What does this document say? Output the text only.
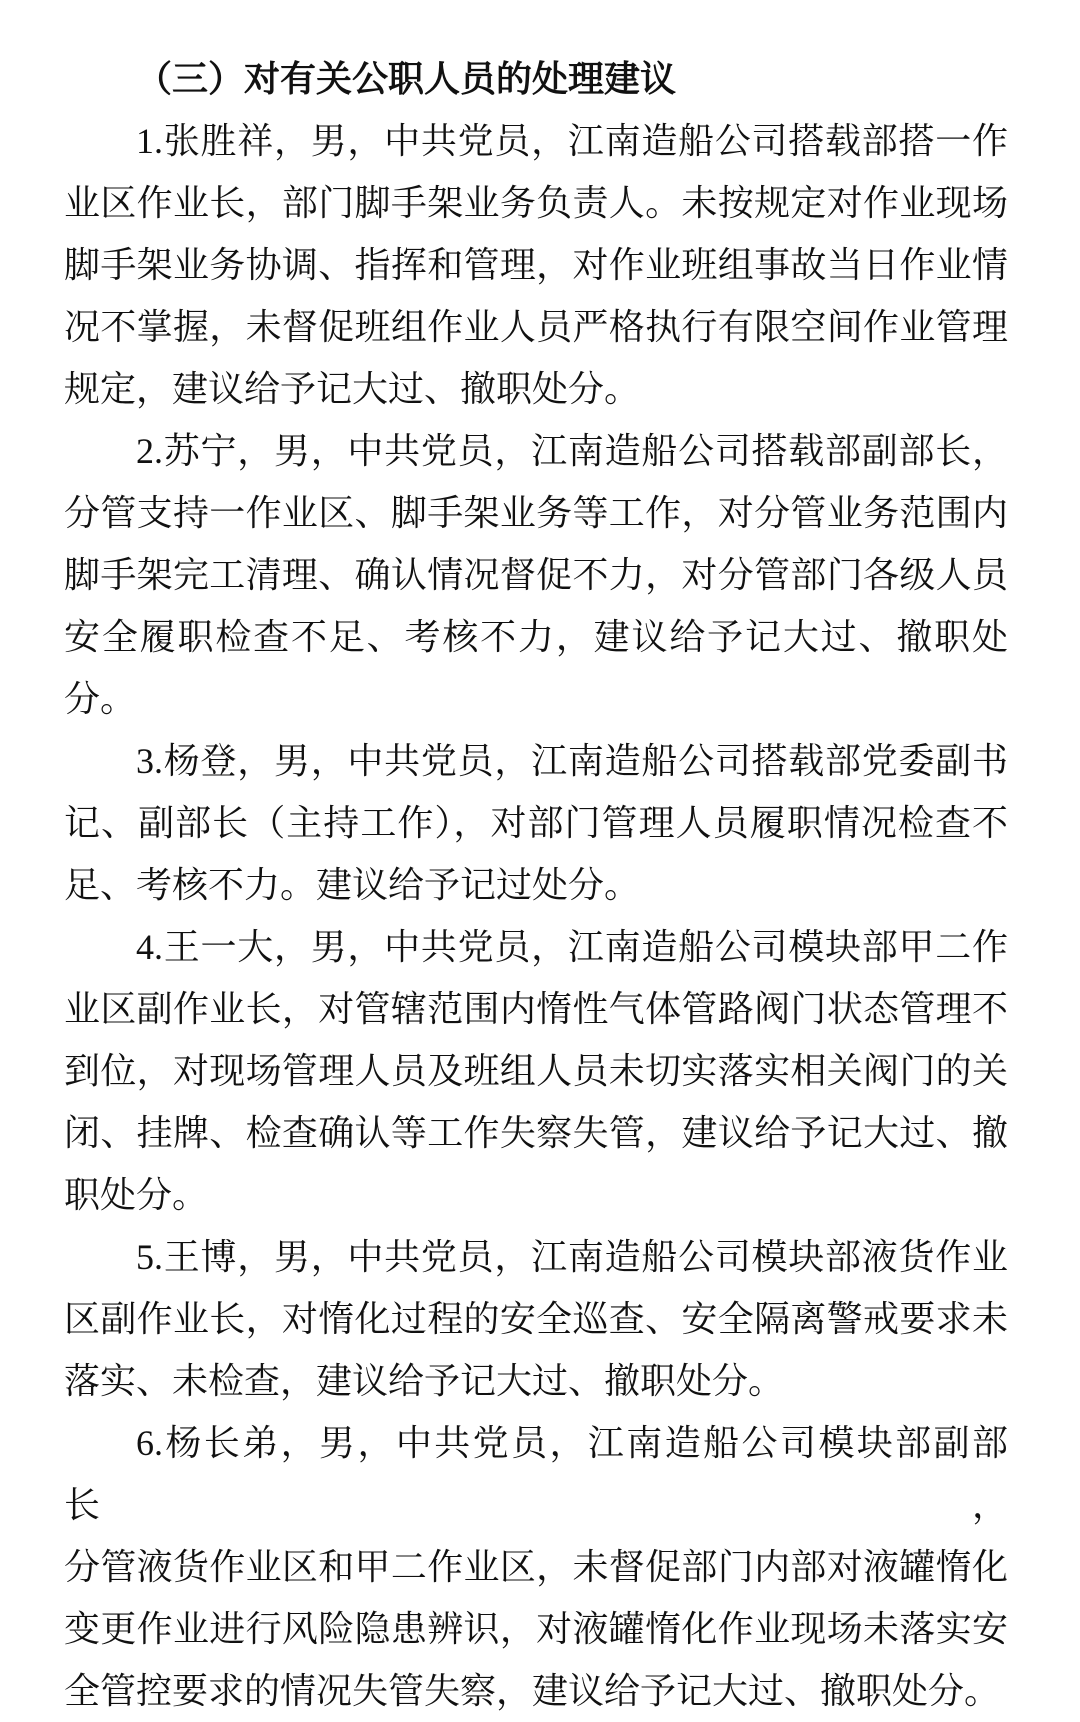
（三）对有关公职人员的处理建议
1.张胜祥，男，中共党员，江南造船公司搭载部搭一作
业区作业长，部门脚手架业务负责人。未按规定对作业现场
脚手架业务协调、指挥和管理，对作业班组事故当日作业情
况不掌握，未督促班组作业人员严格执行有限空间作业管理
规定，建议给予记大过、撤职处分。
2.苏宁，男，中共党员，江南造船公司搭载部副部长，
分管支持一作业区、脚手架业务等工作，对分管业务范围内
脚手架完工清理、确认情况督促不力，对分管部门各级人员
安全履职检查不足、考核不力，建议给予记大过、撤职处分。
3.杨登，男，中共党员，江南造船公司搭载部党委副书
记、副部长（主持工作），对部门管理人员履职情况检查不
足、考核不力。建议给予记过处分。
4.王一大，男，中共党员，江南造船公司模块部甲二作
业区副作业长，对管辖范围内惰性气体管路阀门状态管理不
到位，对现场管理人员及班组人员未切实落实相关阀门的关
闭、挂牌、检查确认等工作失察失管，建议给予记大过、撤
职处分。
5.王博，男，中共党员，江南造船公司模块部液货作业
区副作业长，对惰化过程的安全巡查、安全隔离警戒要求未
落实、未检查，建议给予记大过、撤职处分。
6.杨长弟，男，中共党员，江南造船公司模块部副部长，
分管液货作业区和甲二作业区，未督促部门内部对液罐惰化
变更作业进行风险隐患辨识，对液罐惰化作业现场未落实安
全管控要求的情况失管失察，建议给予记大过、撤职处分。
